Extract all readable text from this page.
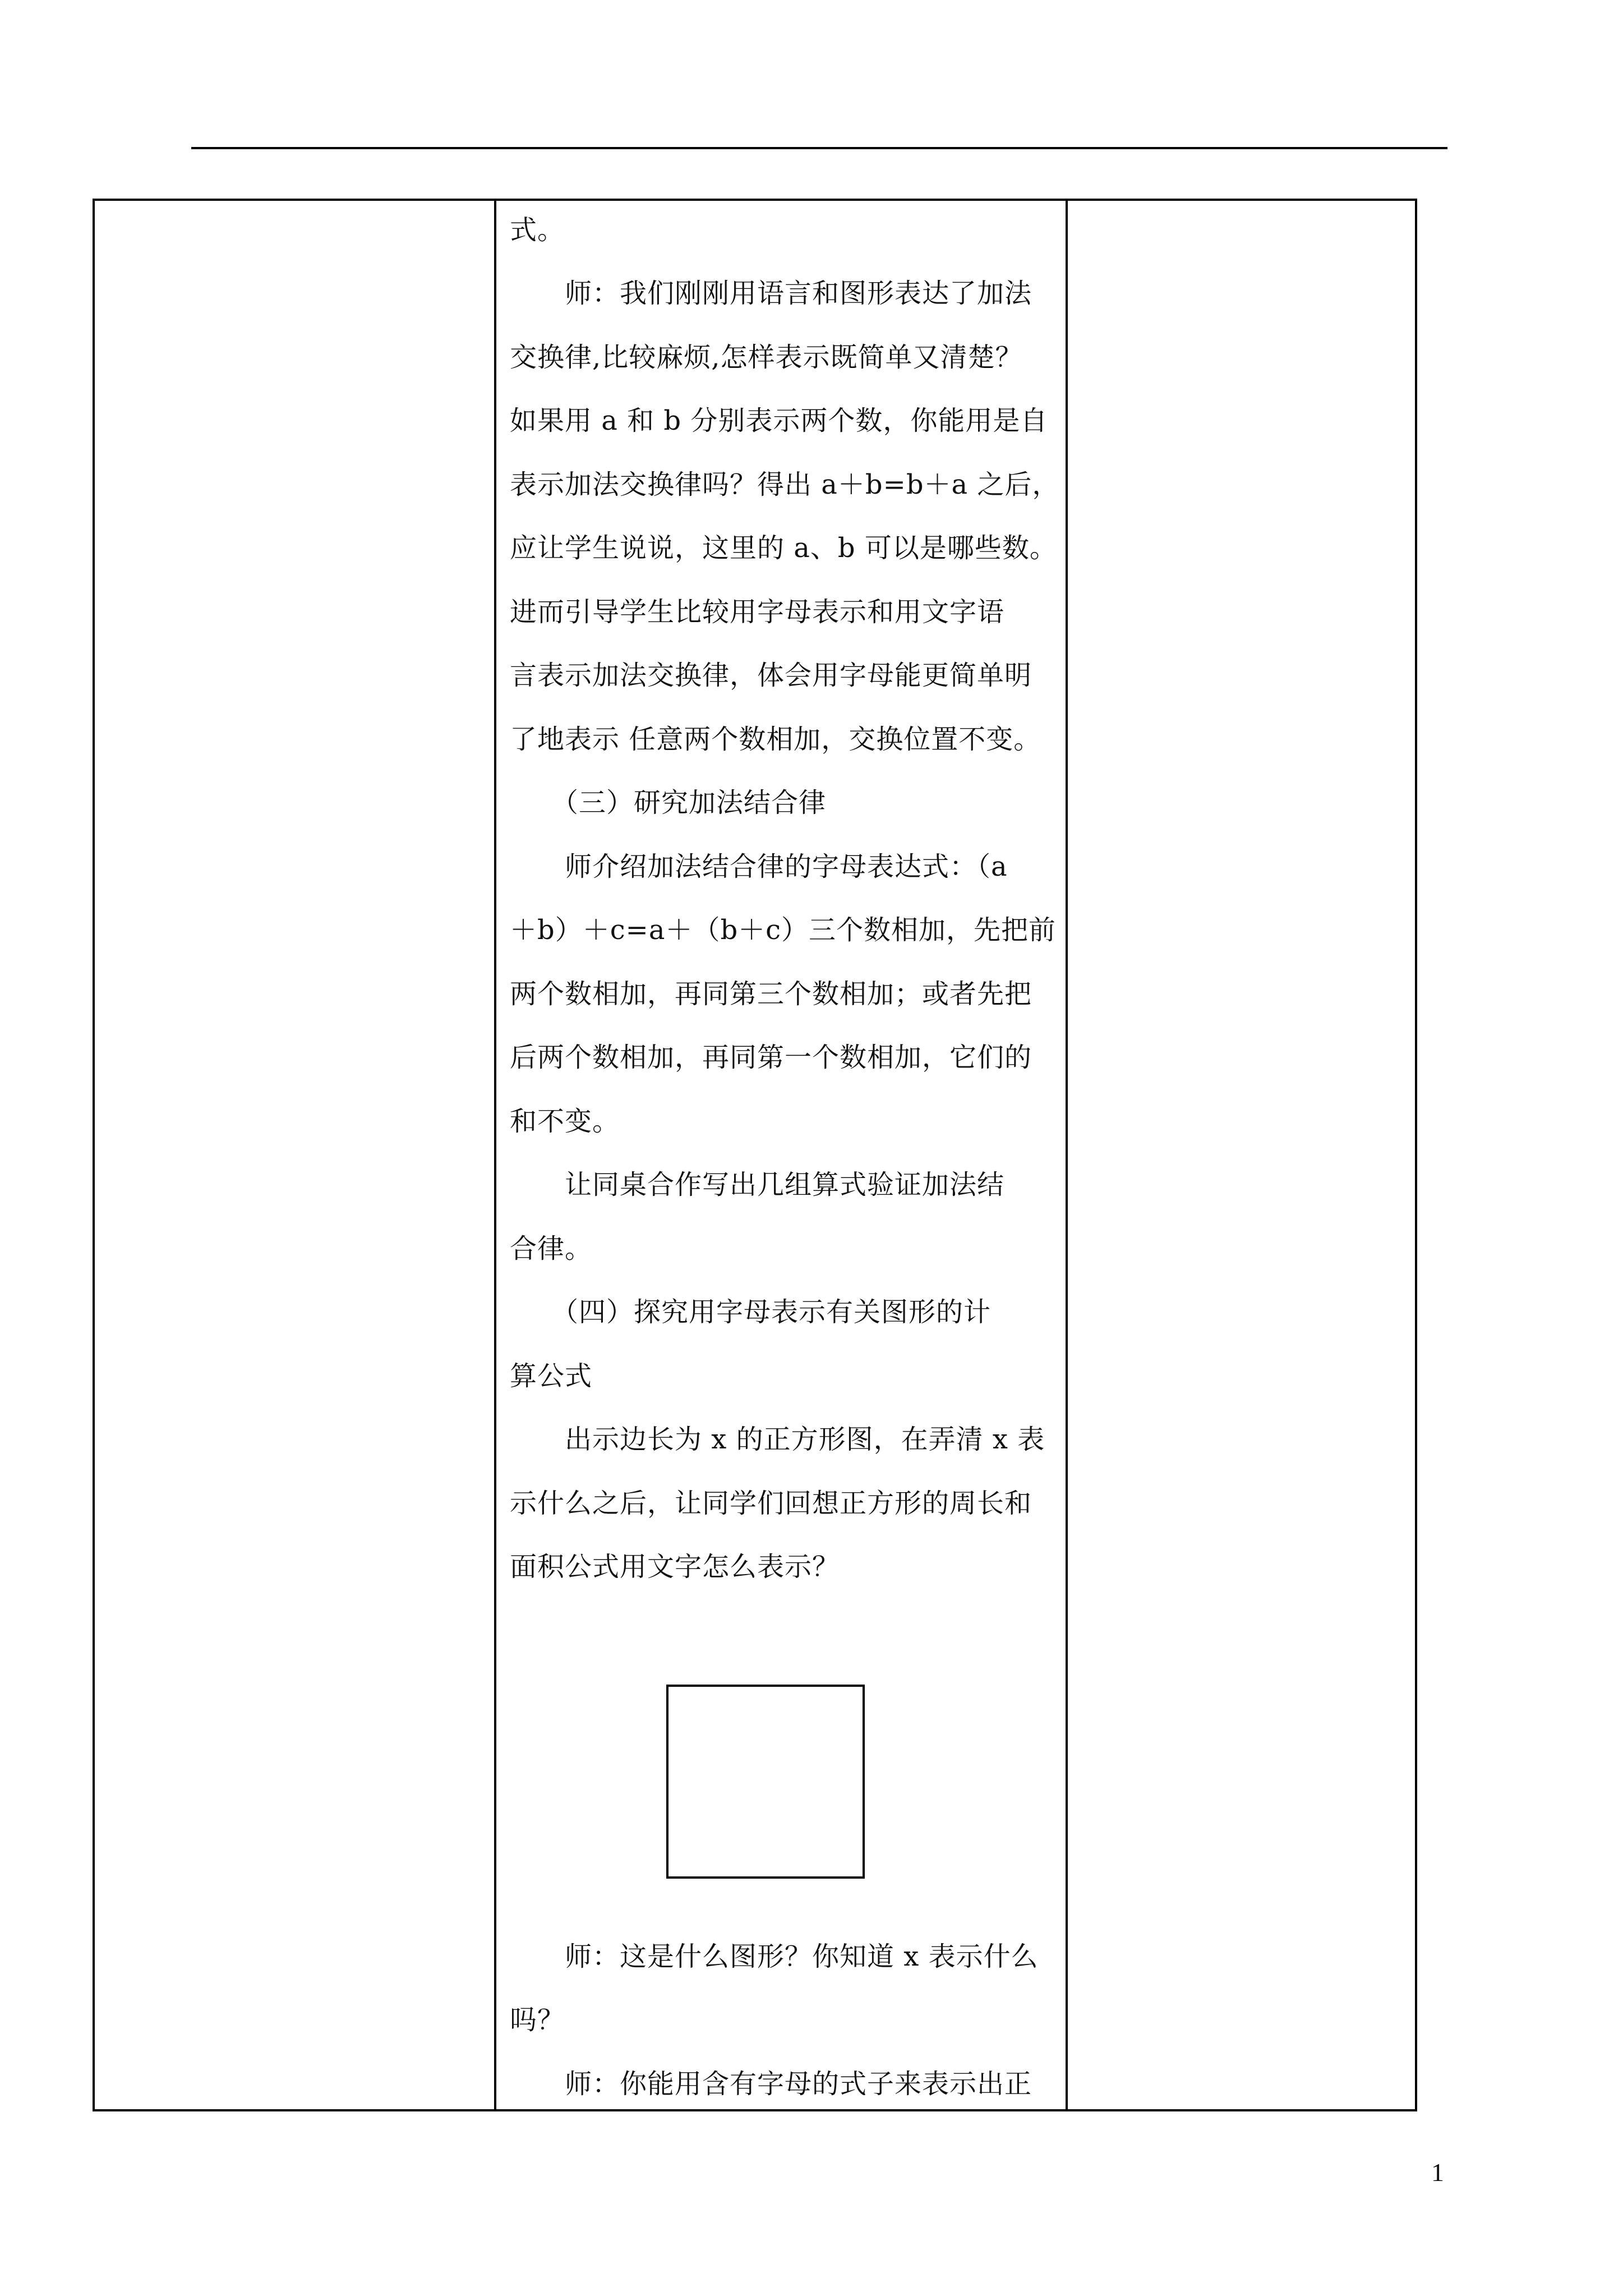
式。
　　师：我们刚刚用语言和图形表达了加法
交换律,比较麻烦,怎样表示既简单又清楚？
如果用 a 和 b 分别表示两个数，你能用是自
表示加法交换律吗？得出 a＋b=b＋a 之后，
应让学生说说，这里的 a、b 可以是哪些数。
进而引导学生比较用字母表示和用文字语
言表示加法交换律，体会用字母能更简单明
了地表示 任意两个数相加，交换位置不变。
　　（三）研究加法结合律
　　师介绍加法结合律的字母表达式：（a
＋b）＋c=a＋（b＋c）三个数相加，先把前
两个数相加，再同第三个数相加；或者先把
后两个数相加，再同第一个数相加，它们的
和不变。
　　让同桌合作写出几组算式验证加法结
合律。
　　（四）探究用字母表示有关图形的计
算公式
　　出示边长为 x 的正方形图，在弄清 x 表
示什么之后，让同学们回想正方形的周长和
面积公式用文字怎么表示？
　　师：这是什么图形？你知道 x 表示什么
吗？
　　师：你能用含有字母的式子来表示出正
1
